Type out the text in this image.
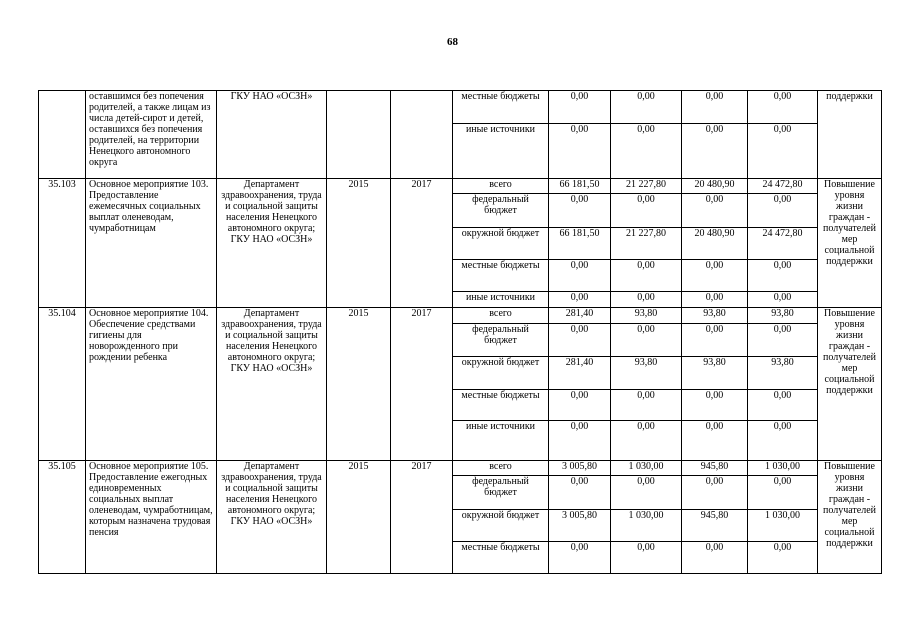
68
	оставшимся без попечения родителей, а также лицам из числа детей-сирот и детей, оставшихся без попечения родителей, на территории Ненецкого автономного округа	ГКУ НАО «ОСЗН»			местные бюджеты	0,00	0,00	0,00	0,00	поддержки
					иные источники	0,00	0,00	0,00	0,00	
35.103	Основное мероприятие 103. Предоставление ежемесячных социальных выплат оленеводам, чумработницам	Департамент здравоохранения, труда и социальной защиты населения Ненецкого автономного округа; ГКУ НАО «ОСЗН»	2015	2017	всего	66 181,50	21 227,80	20 480,90	24 472,80	Повышение уровня жизни граждан - получателей мер социальной поддержки
					федеральный бюджет	0,00	0,00	0,00	0,00	
					окружной бюджет	66 181,50	21 227,80	20 480,90	24 472,80	
					местные бюджеты	0,00	0,00	0,00	0,00	
					иные источники	0,00	0,00	0,00	0,00	
35.104	Основное мероприятие 104. Обеспечение средствами гигиены для новорожденного при рождении ребенка	Департамент здравоохранения, труда и социальной защиты населения Ненецкого автономного округа; ГКУ НАО «ОСЗН»	2015	2017	всего	281,40	93,80	93,80	93,80	Повышение уровня жизни граждан - получателей мер социальной поддержки
					федеральный бюджет	0,00	0,00	0,00	0,00	
					окружной бюджет	281,40	93,80	93,80	93,80	
					местные бюджеты	0,00	0,00	0,00	0,00	
					иные источники	0,00	0,00	0,00	0,00	
35.105	Основное мероприятие 105. Предоставление ежегодных единовременных социальных выплат оленеводам, чумработницам, которым назначена трудовая пенсия	Департамент здравоохранения, труда и социальной защиты населения Ненецкого автономного округа; ГКУ НАО «ОСЗН»	2015	2017	всего	3 005,80	1 030,00	945,80	1 030,00	Повышение уровня жизни граждан - получателей мер социальной поддержки
					федеральный бюджет	0,00	0,00	0,00	0,00	
					окружной бюджет	3 005,80	1 030,00	945,80	1 030,00	
					местные бюджеты	0,00	0,00	0,00	0,00	
